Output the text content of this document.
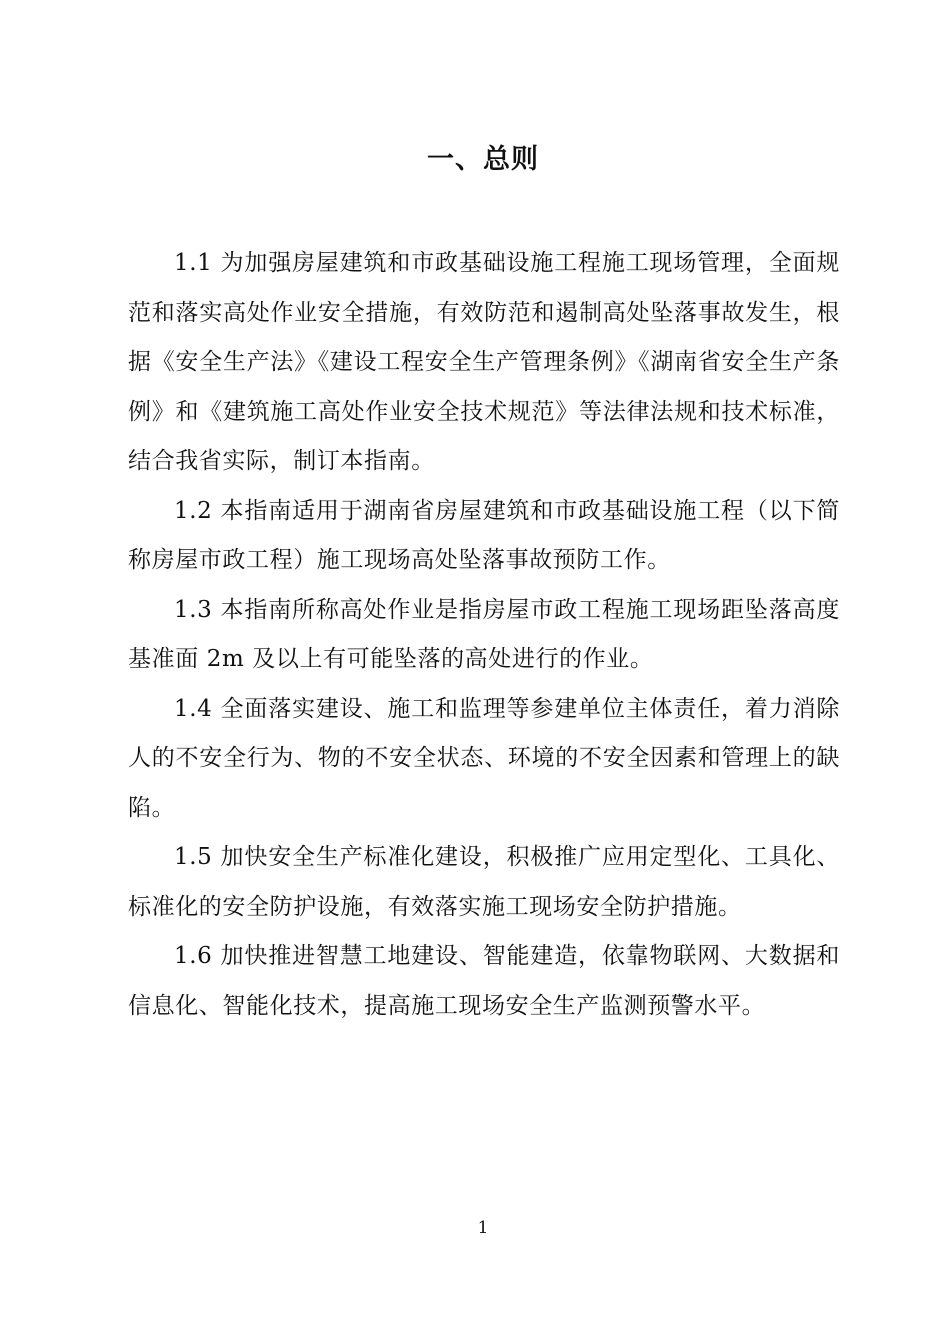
一、总则

1.1 为加强房屋建筑和市政基础设施工程施工现场管理，全面规范和落实高处作业安全措施，有效防范和遏制高处坠落事故发生，根据《安全生产法》《建设工程安全生产管理条例》《湖南省安全生产条例》和《建筑施工高处作业安全技术规范》等法律法规和技术标准，结合我省实际，制订本指南。

1.2 本指南适用于湖南省房屋建筑和市政基础设施工程（以下简称房屋市政工程）施工现场高处坠落事故预防工作。

1.3 本指南所称高处作业是指房屋市政工程施工现场距坠落高度基准面 2m 及以上有可能坠落的高处进行的作业。

1.4 全面落实建设、施工和监理等参建单位主体责任，着力消除人的不安全行为、物的不安全状态、环境的不安全因素和管理上的缺陷。

1.5 加快安全生产标准化建设，积极推广应用定型化、工具化、标准化的安全防护设施，有效落实施工现场安全防护措施。

1.6 加快推进智慧工地建设、智能建造，依靠物联网、大数据和信息化、智能化技术，提高施工现场安全生产监测预警水平。

1
